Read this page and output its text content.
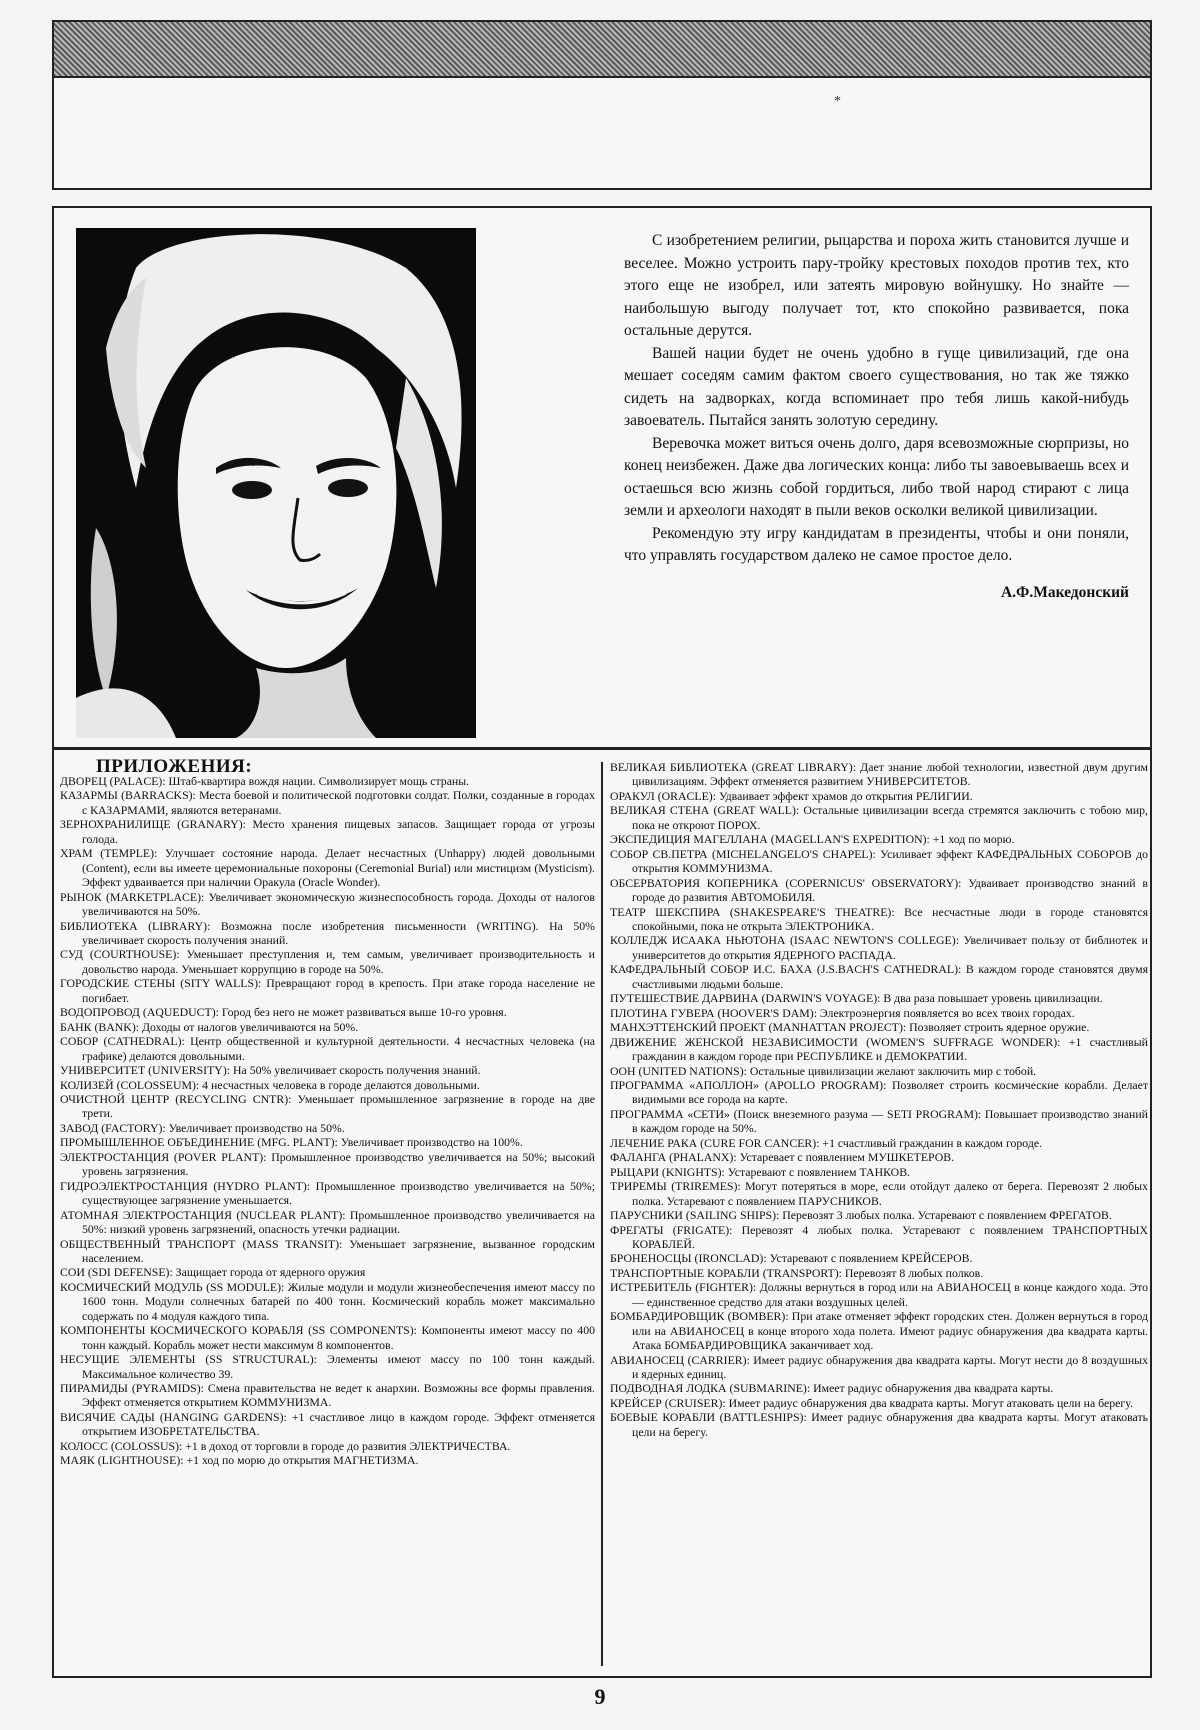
*

С изобретением религии, рыцарства и пороха жить становится лучше и веселее. Можно устроить пару-тройку крестовых походов против тех, кто этого еще не изобрел, или затеять мировую войнушку. Но знайте — наибольшую выгоду получает тот, кто спокойно развивается, пока остальные дерутся.

Вашей нации будет не очень удобно в гуще цивилизаций, где она мешает соседям самим фактом своего существования, но так же тяжко сидеть на задворках, когда вспоминает про тебя лишь какой-нибудь завоеватель. Пытайся занять золотую середину.

Веревочка может виться очень долго, даря всевозможные сюрпризы, но конец неизбежен. Даже два логических конца: либо ты завоевываешь всех и остаешься всю жизнь собой гордиться, либо твой народ стирают с лица земли и археологи находят в пыли веков осколки великой цивилизации.

Рекомендую эту игру кандидатам в президенты, чтобы и они поняли, что управлять государством далеко не самое простое дело.

А.Ф.Македонский
ПРИЛОЖЕНИЯ:
ДВОРЕЦ (PALACE): Штаб-квартира вождя нации. Символизирует мощь страны.
КАЗАРМЫ (BARRACKS): Места боевой и политической подготовки солдат. Полки, созданные в городах с КАЗАРМАМИ, являются ветеранами.
ЗЕРНОХРАНИЛИЩЕ (GRANARY): Место хранения пищевых запасов. Защищает города от угрозы голода.
ХРАМ (TEMPLE): Улучшает состояние народа. Делает несчастных (Unhappy) людей довольными (Content), если вы имеете церемониальные похороны (Ceremonial Burial) или мистицизм (Mysticism). Эффект удваивается при наличии Оракула (Oracle Wonder).
РЫНОК (MARKETPLACE): Увеличивает экономическую жизнеспособность города. Доходы от налогов увеличиваются на 50%.
БИБЛИОТЕКА (LIBRARY): Возможна после изобретения письменности (WRITING). На 50% увеличивает скорость получения знаний.
СУД (COURTHOUSE): Уменьшает преступления и, тем самым, увеличивает производительность и довольство народа. Уменьшает коррупцию в городе на 50%.
ГОРОДСКИЕ СТЕНЫ (SITY WALLS): Превращают город в крепость. При атаке города население не погибает.
ВОДОПРОВОД (AQUEDUCT): Город без него не может развиваться выше 10-го уровня.
БАНК (BANK): Доходы от налогов увеличиваются на 50%.
СОБОР (CATHEDRAL): Центр общественной и культурной деятельности. 4 несчастных человека (на графике) делаются довольными.
УНИВЕРСИТЕТ (UNIVERSITY): На 50% увеличивает скорость получения знаний.
КОЛИЗЕЙ (COLOSSEUM): 4 несчастных человека в городе делаются довольными.
ОЧИСТНОЙ ЦЕНТР (RECYCLING CNTR): Уменьшает промышленное загрязнение в городе на две трети.
ЗАВОД (FACTORY): Увеличивает производство на 50%.
ПРОМЫШЛЕННОЕ ОБЪЕДИНЕНИЕ (MFG. PLANT): Увеличивает производство на 100%.
ЭЛЕКТРОСТАНЦИЯ (POVER PLANT): Промышленное производство увеличивается на 50%; высокий уровень загрязнения.
ГИДРОЭЛЕКТРОСТАНЦИЯ (HYDRO PLANT): Промышленное производство увеличивается на 50%; существующее загрязнение уменьшается.
АТОМНАЯ ЭЛЕКТРОСТАНЦИЯ (NUCLEAR PLANT): Промышленное производство увеличивается на 50%: низкий уровень загрязнений, опасность утечки радиации.
ОБЩЕСТВЕННЫЙ ТРАНСПОРТ (MASS TRANSIT): Уменьшает загрязнение, вызванное городским населением.
СОИ (SDI DEFENSE): Защищает города от ядерного оружия
КОСМИЧЕСКИЙ МОДУЛЬ (SS MODULE): Жилые модули и модули жизнеобеспечения имеют массу по 1600 тонн. Модули солнечных батарей по 400 тонн. Космический корабль может максимально содержать по 4 модуля каждого типа.
КОМПОНЕНТЫ КОСМИЧЕСКОГО КОРАБЛЯ (SS COMPONENTS): Компоненты имеют массу по 400 тонн каждый. Корабль может нести максимум 8 компонентов.
НЕСУЩИЕ ЭЛЕМЕНТЫ (SS STRUCTURAL): Элементы имеют массу по 100 тонн каждый. Максимальное количество 39.
ПИРАМИДЫ (PYRAMIDS): Смена правительства не ведет к анархии. Возможны все формы правления. Эффект отменяется открытием КОММУНИЗМА.
ВИСЯЧИЕ САДЫ (HANGING GARDENS): +1 счастливое лицо в каждом городе. Эффект отменяется открытием ИЗОБРЕТАТЕЛЬСТВА.
КОЛОСС (COLOSSUS): +1 в доход от торговли в городе до развития ЭЛЕКТРИЧЕСТВА.
МАЯК (LIGHTHOUSE): +1 ход по морю до открытия МАГНЕТИЗМА.
ВЕЛИКАЯ БИБЛИОТЕКА (GREAT LIBRARY): Дает знание любой технологии, известной двум другим цивилизациям. Эффект отменяется развитием УНИВЕРСИТЕТОВ.
ОРАКУЛ (ORACLE): Удваивает эффект храмов до открытия РЕЛИГИИ.
ВЕЛИКАЯ СТЕНА (GREAT WALL): Остальные цивилизации всегда стремятся заключить с тобою мир, пока не откроют ПОРОХ.
ЭКСПЕДИЦИЯ МАГЕЛЛАНА (MAGELLAN'S EXPEDITION): +1 ход по морю.
СОБОР СВ.ПЕТРА (MICHELANGELO'S CHAPEL): Усиливает эффект КАФЕДРАЛЬНЫХ СОБОРОВ до открытия КОММУНИЗМА.
ОБСЕРВАТОРИЯ КОПЕРНИКА (COPERNICUS' OBSERVATORY): Удваивает производство знаний в городе до развития АВТОМОБИЛЯ.
ТЕАТР ШЕКСПИРА (SHAKESPEARE'S THEATRE): Все несчастные люди в городе становятся спокойными, пока не открыта ЭЛЕКТРОНИКА.
КОЛЛЕДЖ ИСААКА НЬЮТОНА (ISAAC NEWTON'S COLLEGE): Увеличивает пользу от библиотек и университетов до открытия ЯДЕРНОГО РАСПАДА.
КАФЕДРАЛЬНЫЙ СОБОР И.С. БАХА (J.S.BACH'S CATHEDRAL): В каждом городе становятся двумя счастливыми людьми больше.
ПУТЕШЕСТВИЕ ДАРВИНА (DARWIN'S VOYAGE): В два раза повышает уровень цивилизации.
ПЛОТИНА ГУВЕРА (HOOVER'S DAM): Электроэнергия появляется во всех твоих городах.
МАНХЭТТЕНСКИЙ ПРОЕКТ (MANHATTAN PROJECT): Позволяет строить ядерное оружие.
ДВИЖЕНИЕ ЖЕНСКОЙ НЕЗАВИСИМОСТИ (WOMEN'S SUFFRAGE WONDER): +1 счастливый гражданин в каждом городе при РЕСПУБЛИКЕ и ДЕМОКРАТИИ.
ООН (UNITED NATIONS): Остальные цивилизации желают заключить мир с тобой.
ПРОГРАММА «АПОЛЛОН» (APOLLO PROGRAM): Позволяет строить космические корабли. Делает видимыми все города на карте.
ПРОГРАММА «СЕТИ» (Поиск внеземного разума — SETI PROGRAM): Повышает производство знаний в каждом городе на 50%.
ЛЕЧЕНИЕ РАКА (CURE FOR CANCER): +1 счастливый гражданин в каждом городе.
ФАЛАНГА (PHALANX): Устаревает с появлением МУШКЕТЕРОВ.
РЫЦАРИ (KNIGHTS): Устаревают с появлением ТАНКОВ.
ТРИРЕМЫ (TRIREMES): Могут потеряться в море, если отойдут далеко от берега. Перевозят 2 любых полка. Устаревают с появлением ПАРУСНИКОВ.
ПАРУСНИКИ (SAILING SHIPS): Перевозят 3 любых полка. Устаревают с появлением ФРЕГАТОВ.
ФРЕГАТЫ (FRIGATE): Перевозят 4 любых полка. Устаревают с появлением ТРАНСПОРТНЫХ КОРАБЛЕЙ.
БРОНЕНОСЦЫ (IRONCLAD): Устаревают с появлением КРЕЙСЕРОВ.
ТРАНСПОРТНЫЕ КОРАБЛИ (TRANSPORT): Перевозят 8 любых полков.
ИСТРЕБИТЕЛЬ (FIGHTER): Должны вернуться в город или на АВИАНОСЕЦ в конце каждого хода. Это — единственное средство для атаки воздушных целей.
БОМБАРДИРОВЩИК (BOMBER): При атаке отменяет эффект городских стен. Должен вернуться в город или на АВИАНОСЕЦ в конце второго хода полета. Имеют радиус обнаружения два квадрата карты. Атака БОМБАРДИРОВЩИКА заканчивает ход.
АВИАНОСЕЦ (CARRIER): Имеет радиус обнаружения два квадрата карты. Могут нести до 8 воздушных и ядерных единиц.
ПОДВОДНАЯ ЛОДКА (SUBMARINE): Имеет радиус обнаружения два квадрата карты.
КРЕЙСЕР (CRUISER): Имеет радиус обнаружения два квадрата карты. Могут атаковать цели на берегу.
БОЕВЫЕ КОРАБЛИ (BATTLESHIPS): Имеет радиус обнаружения два квадрата карты. Могут атаковать цели на берегу.
9
